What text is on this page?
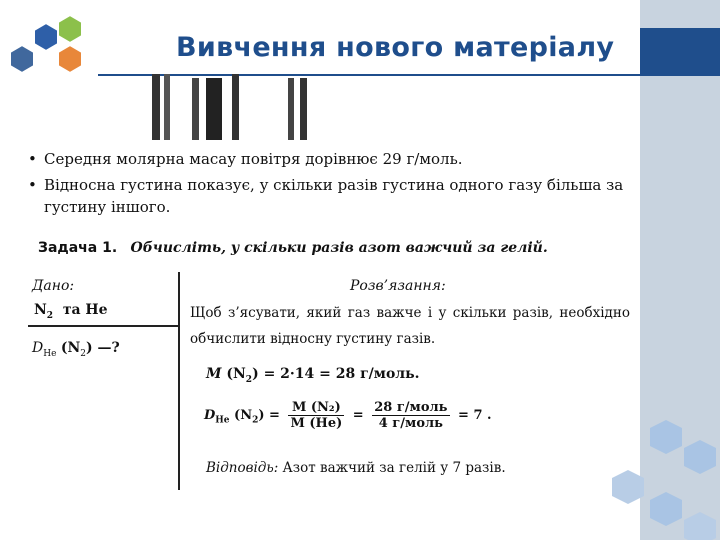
Вивчення нового матеріалу
• Середня молярна масау повітря дорівнює 29 г/моль.
• Відносна густина показує, у скільки разів густина одного газу більша за густину іншого.
Задача 1. Обчисліть, у скільки разів азот важчий за гелій.
Дано:
$N_2$ та He
$D_{He}$ $(N_2)$ —?
Розв’язання:
Щоб з’ясувати, який газ важче і у скільки разів, необхідно обчислити відносну густину газів.
M $(N_2) = 2\cdot 14 = 28$ г/моль.
$D_{He}$ $(N_2) = \frac{\text{M (N₂)}}{M (He)} = \frac{\text{28 г/моль}}{\text{4 г/моль}} = 7$ .
Відповідь: Азот важчий за гелій у 7 разів.
